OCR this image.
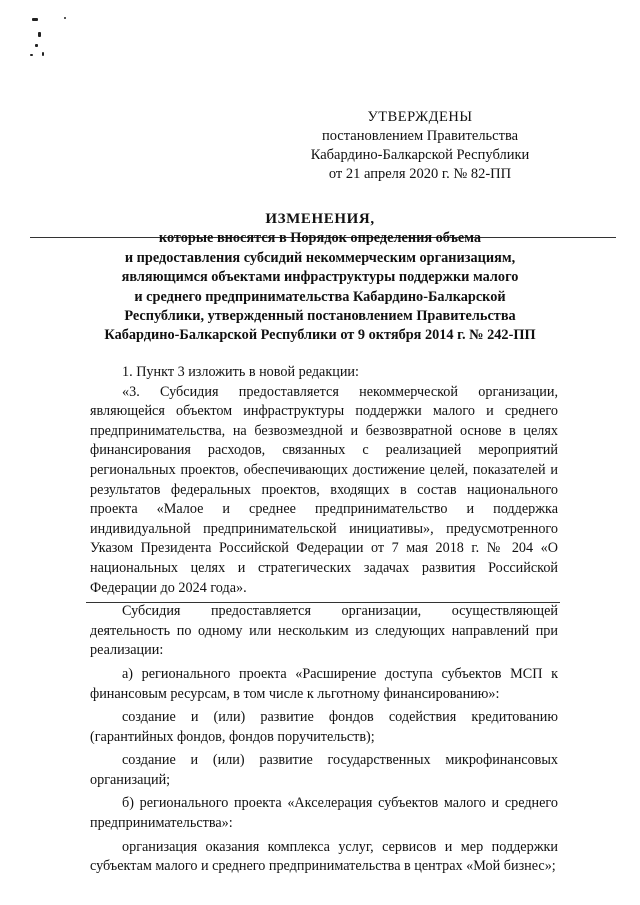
УТВЕРЖДЕНЫ
постановлением Правительства
Кабардино-Балкарской Республики
от 21 апреля 2020 г. № 82-ПП
ИЗМЕНЕНИЯ,
которые вносятся в Порядок определения объема
и предоставления субсидий некоммерческим организациям,
являющимся объектами инфраструктуры поддержки малого
и среднего предпринимательства Кабардино-Балкарской
Республики, утвержденный постановлением Правительства
Кабардино-Балкарской Республики от 9 октября 2014 г. № 242-ПП

1. Пункт 3 изложить в новой редакции:

«3. Субсидия предоставляется некоммерческой организации, являющейся объектом инфраструктуры поддержки малого и среднего предпринимательства, на безвозмездной и безвозвратной основе в целях финансирования расходов, связанных с реализацией мероприятий региональных проектов, обеспечивающих достижение целей, показателей и результатов федеральных проектов, входящих в состав национального проекта «Малое и среднее предпринимательство и поддержка индивидуальной предпринимательской инициативы», предусмотренного Указом Президента Российской Федерации от 7 мая 2018 г. № 204 «О национальных целях и стратегических задачах развития Российской Федерации до 2024 года».

Субсидия предоставляется организации, осуществляющей деятельность по одному или нескольким из следующих направлений при реализации:

а) регионального проекта «Расширение доступа субъектов МСП к финансовым ресурсам, в том числе к льготному финансированию»:

создание и (или) развитие фондов содействия кредитованию (гарантийных фондов, фондов поручительств);

создание и (или) развитие государственных микрофинансовых организаций;

б) регионального проекта «Акселерация субъектов малого и среднего предпринимательства»:

организация оказания комплекса услуг, сервисов и мер поддержки субъектам малого и среднего предпринимательства в центрах «Мой бизнес»;
